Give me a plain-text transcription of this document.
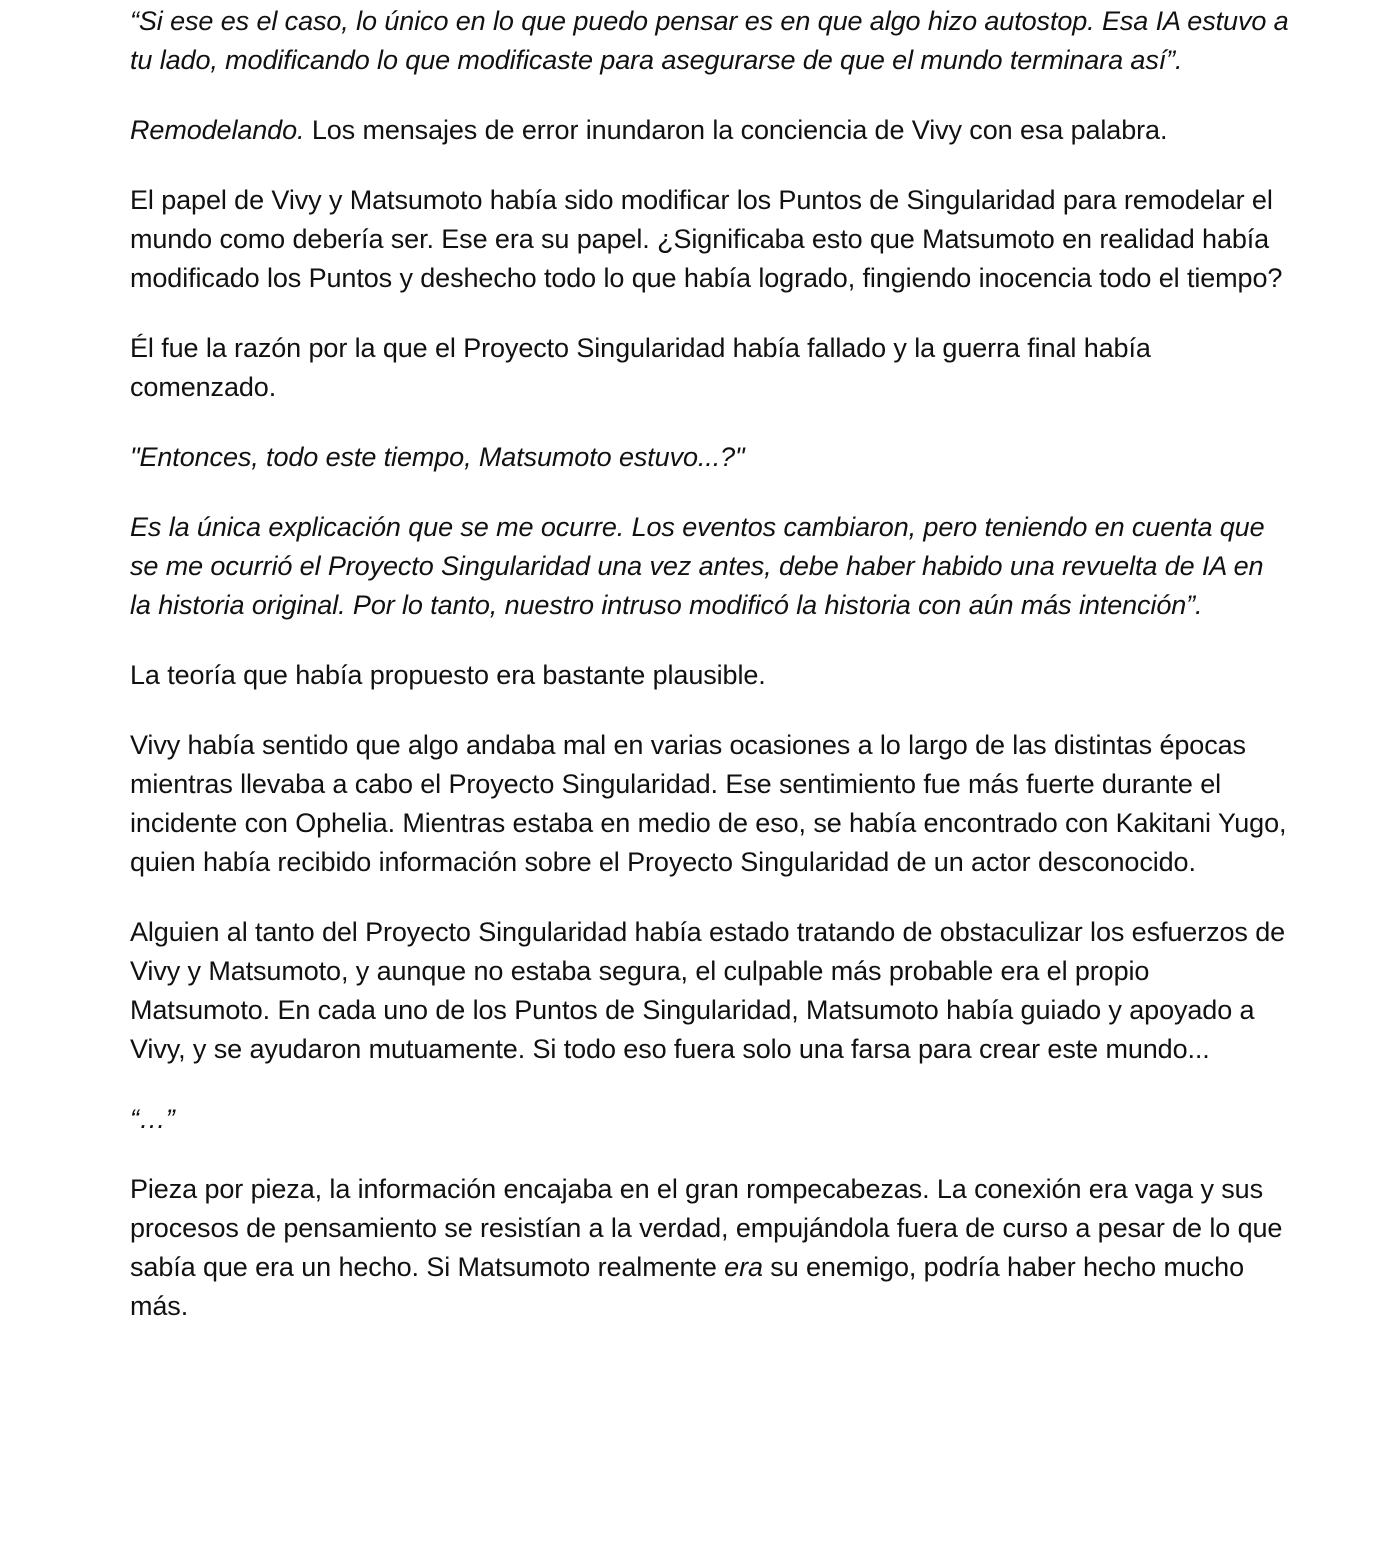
“Si ese es el caso, lo único en lo que puedo pensar es en que algo hizo autostop. Esa IA estuvo a tu lado, modificando lo que modificaste para asegurarse de que el mundo terminara así”.

Remodelando. Los mensajes de error inundaron la conciencia de Vivy con esa palabra.

El papel de Vivy y Matsumoto había sido modificar los Puntos de Singularidad para remodelar el mundo como debería ser. Ese era su papel. ¿Significaba esto que Matsumoto en realidad había modificado los Puntos y deshecho todo lo que había logrado, fingiendo inocencia todo el tiempo?

Él fue la razón por la que el Proyecto Singularidad había fallado y la guerra final había comenzado.

"Entonces, todo este tiempo, Matsumoto estuvo...?"

Es la única explicación que se me ocurre. Los eventos cambiaron, pero teniendo en cuenta que se me ocurrió el Proyecto Singularidad una vez antes, debe haber habido una revuelta de IA en la historia original. Por lo tanto, nuestro intruso modificó la historia con aún más intención”.

La teoría que había propuesto era bastante plausible.

Vivy había sentido que algo andaba mal en varias ocasiones a lo largo de las distintas épocas mientras llevaba a cabo el Proyecto Singularidad. Ese sentimiento fue más fuerte durante el incidente con Ophelia. Mientras estaba en medio de eso, se había encontrado con Kakitani Yugo, quien había recibido información sobre el Proyecto Singularidad de un actor desconocido.

Alguien al tanto del Proyecto Singularidad había estado tratando de obstaculizar los esfuerzos de Vivy y Matsumoto, y aunque no estaba segura, el culpable más probable era el propio Matsumoto. En cada uno de los Puntos de Singularidad, Matsumoto había guiado y apoyado a Vivy, y se ayudaron mutuamente. Si todo eso fuera solo una farsa para crear este mundo...

“…”

Pieza por pieza, la información encajaba en el gran rompecabezas. La conexión era vaga y sus procesos de pensamiento se resistían a la verdad, empujándola fuera de curso a pesar de lo que sabía que era un hecho. Si Matsumoto realmente era su enemigo, podría haber hecho mucho más.
